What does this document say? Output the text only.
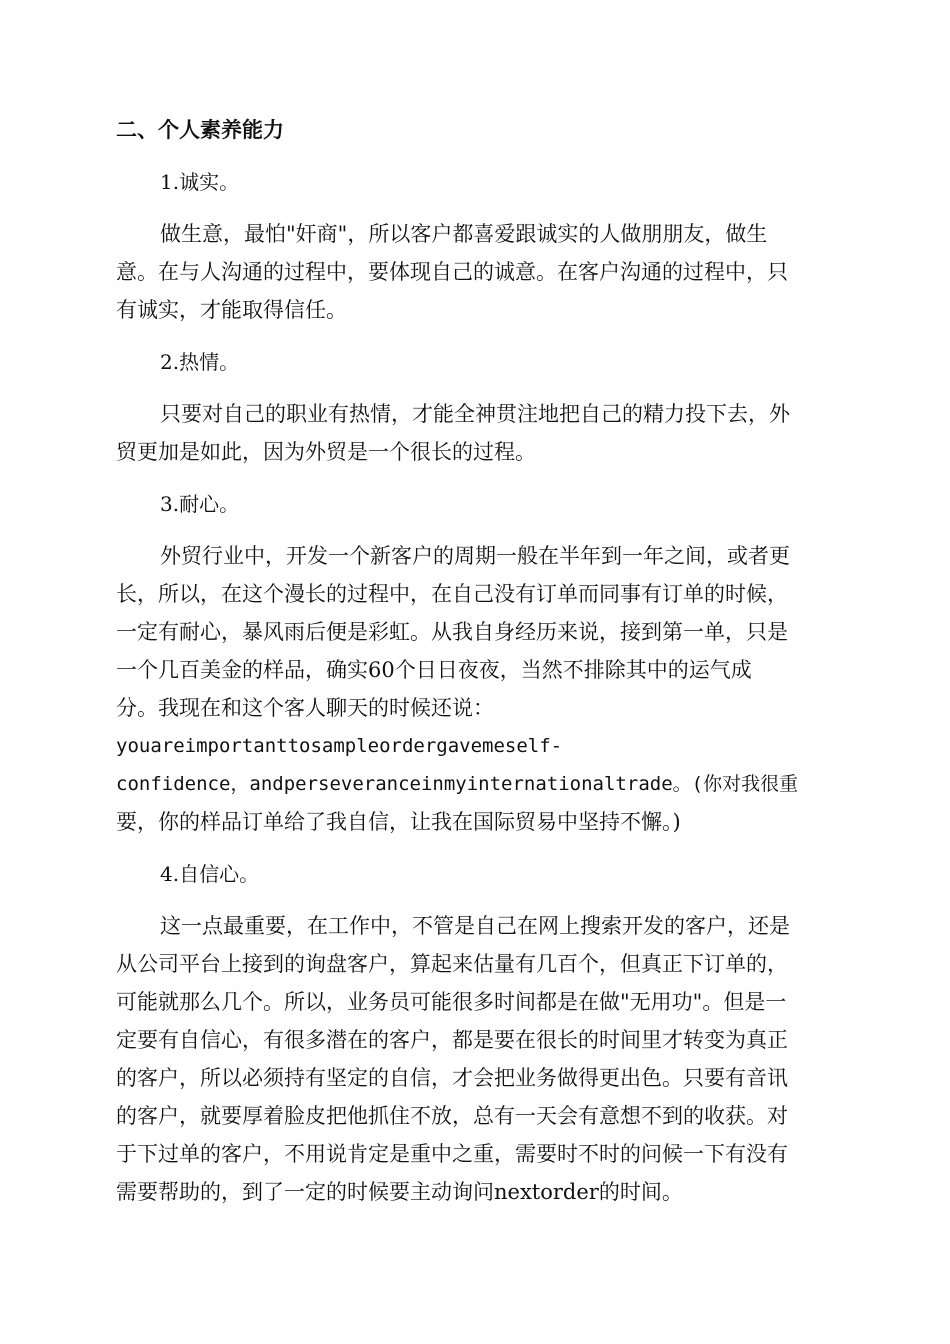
二、个人素养能力
1.诚实。
做生意，最怕"奸商"，所以客户都喜爱跟诚实的人做朋朋友，做生
意。在与人沟通的过程中，要体现自己的诚意。在客户沟通的过程中，只
有诚实，才能取得信任。
2.热情。
只要对自己的职业有热情，才能全神贯注地把自己的精力投下去，外
贸更加是如此，因为外贸是一个很长的过程。
3.耐心。
外贸行业中，开发一个新客户的周期一般在半年到一年之间，或者更
长，所以，在这个漫长的过程中，在自己没有订单而同事有订单的时候，
一定有耐心，暴风雨后便是彩虹。从我自身经历来说，接到第一单，只是
一个几百美金的样品，确实60个日日夜夜，当然不排除其中的运气成
分。我现在和这个客人聊天的时候还说：
youareimportanttosampleordergavemeself-
confidence，andperseveranceinmyinternationaltrade。(你对我很重
要，你的样品订单给了我自信，让我在国际贸易中坚持不懈。)
4.自信心。
这一点最重要，在工作中，不管是自己在网上搜索开发的客户，还是
从公司平台上接到的询盘客户，算起来估量有几百个，但真正下订单的，
可能就那么几个。所以，业务员可能很多时间都是在做"无用功"。但是一
定要有自信心，有很多潜在的客户，都是要在很长的时间里才转变为真正
的客户，所以必须持有坚定的自信，才会把业务做得更出色。只要有音讯
的客户，就要厚着脸皮把他抓住不放，总有一天会有意想不到的收获。对
于下过单的客户，不用说肯定是重中之重，需要时不时的问候一下有没有
需要帮助的，到了一定的时候要主动询问nextorder的时间。
